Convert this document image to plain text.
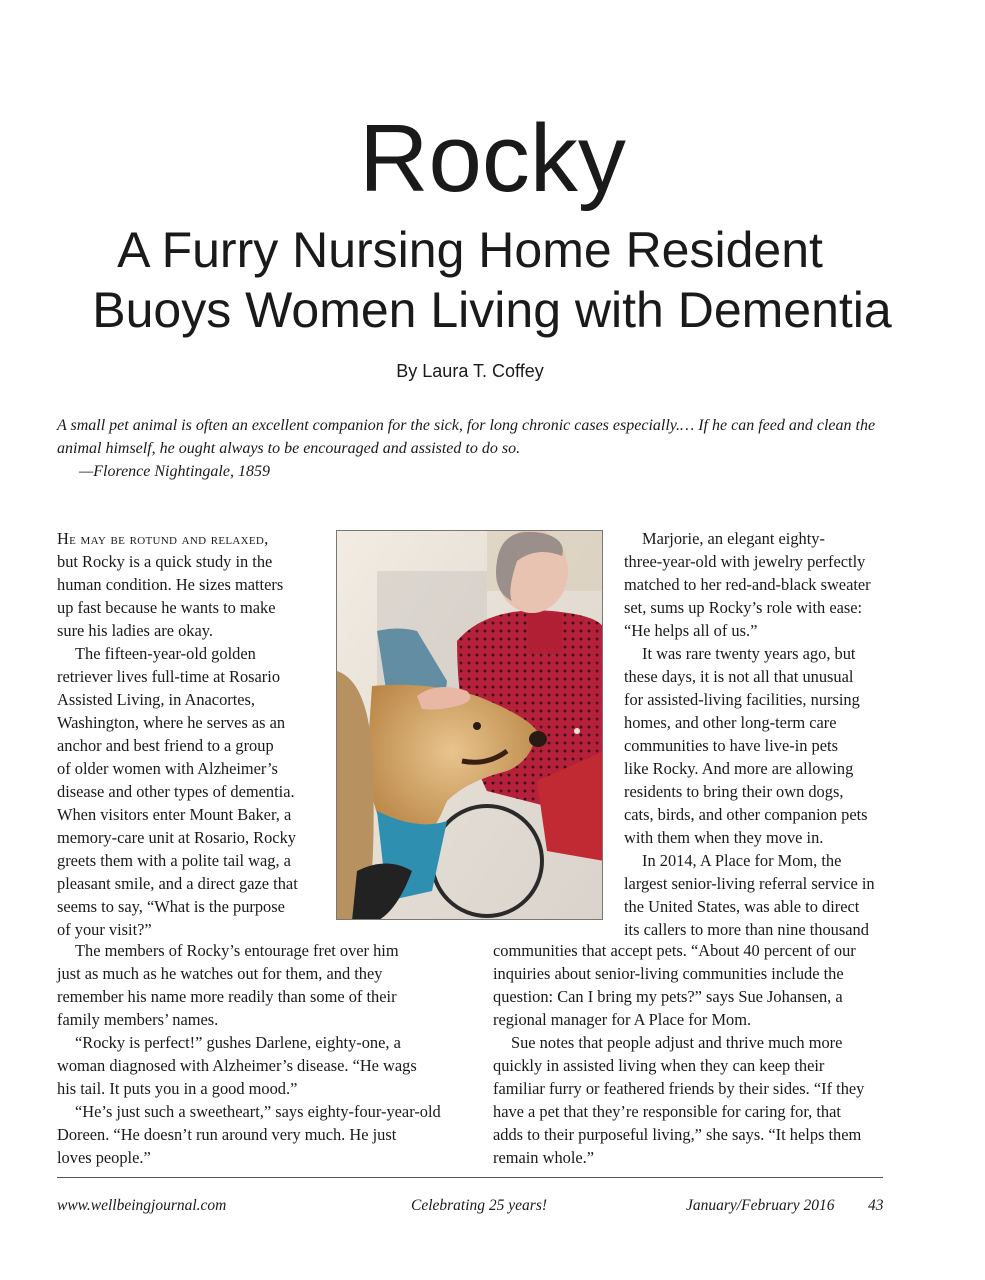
Rocky
A Furry Nursing Home Resident
Buoys Women Living with Dementia
By Laura T. Coffey
A small pet animal is often an excellent companion for the sick, for long chronic cases especially.… If he can feed and clean the
animal himself, he ought always to be encouraged and assisted to do so.
—Florence Nightingale, 1859
He may be rotund and relaxed,
but Rocky is a quick study in the
human condition. He sizes matters
up fast because he wants to make
sure his ladies are okay.
The fifteen-year-old golden
retriever lives full-time at Rosario
Assisted Living, in Anacortes,
Washington, where he serves as an
anchor and best friend to a group
of older women with Alzheimer’s
disease and other types of dementia.
When visitors enter Mount Baker, a
memory-care unit at Rosario, Rocky
greets them with a polite tail wag, a
pleasant smile, and a direct gaze that
seems to say, “What is the purpose
of your visit?”
Marjorie, an elegant eighty-
three-year-old with jewelry perfectly
matched to her red-and-black sweater
set, sums up Rocky’s role with ease:
“He helps all of us.”
It was rare twenty years ago, but
these days, it is not all that unusual
for assisted-living facilities, nursing
homes, and other long-term care
communities to have live-in pets
like Rocky. And more are allowing
residents to bring their own dogs,
cats, birds, and other companion pets
with them when they move in.
In 2014, A Place for Mom, the
largest senior-living referral service in
the United States, was able to direct
its callers to more than nine thousand
The members of Rocky’s entourage fret over him
just as much as he watches out for them, and they
remember his name more readily than some of their
family members’ names.
“Rocky is perfect!” gushes Darlene, eighty-one, a
woman diagnosed with Alzheimer’s disease. “He wags
his tail. It puts you in a good mood.”
“He’s just such a sweetheart,” says eighty-four-year-old
Doreen. “He doesn’t run around very much. He just
loves people.”
communities that accept pets. “About 40 percent of our
inquiries about senior-living communities include the
question: Can I bring my pets?” says Sue Johansen, a
regional manager for A Place for Mom.
Sue notes that people adjust and thrive much more
quickly in assisted living when they can keep their
familiar furry or feathered friends by their sides. “If they
have a pet that they’re responsible for caring for, that
adds to their purposeful living,” she says. “It helps them
remain whole.”
www.wellbeingjournal.com	Celebrating 25 years!	January/February 2016 43
